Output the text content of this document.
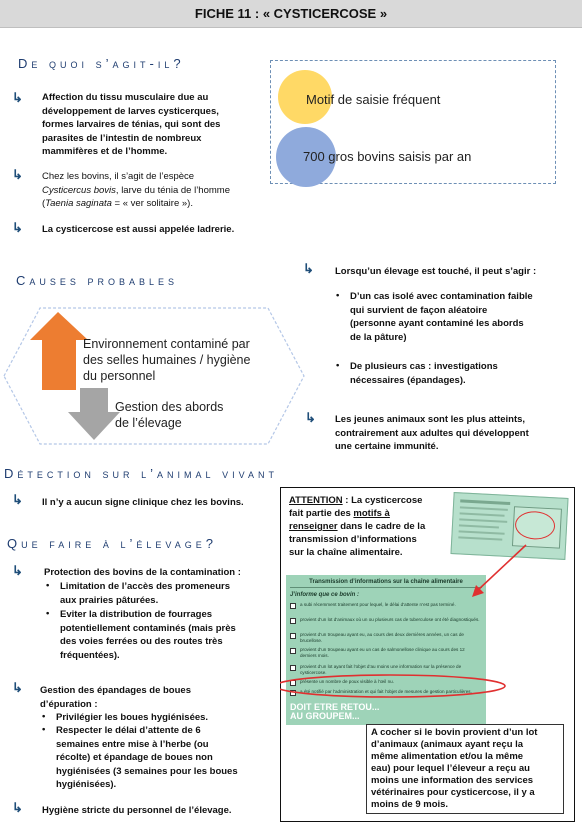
FICHE 11 : « CYSTICERCOSE »
De quoi s’agit-il?
↳ Affection du tissu musculaire due au
développement de larves cysticerques,
formes larvaires de ténias, qui sont des
parasites de l’intestin de nombreux
mammifères et de l’homme.
↳ Chez les bovins, il s’agit de l’espèce
Cysticercus bovis, larve du ténia de l’homme
(Taenia saginata = « ver solitaire »).
↳ La cysticercose est aussi appelée ladrerie.
Motif de saisie fréquent
700 gros bovins saisis par an
Causes probables
Environnement contaminé par
des selles humaines / hygiène
du personnel
Gestion des abords
de l’élevage
↳ Lorsqu’un élevage est touché, il peut s’agir :
• D’un cas isolé avec contamination faible
qui survient de façon aléatoire
(personne ayant contaminé les abords
de la pâture)
• De plusieurs cas : investigations
nécessaires (épandages).
↳ Les jeunes animaux sont les plus atteints,
contrairement aux adultes qui développent
une certaine immunité.
Détection sur l’animal vivant
↳ Il n’y a aucun signe clinique chez les bovins.
Que faire à l’élevage?
↳ Protection des bovins de la contamination :
• Limitation de l’accès des promeneurs
aux prairies pâturées.
• Eviter la distribution de fourrages
potentiellement contaminés (mais près
des voies ferrées ou des routes très
fréquentées).
↳ Gestion des épandages de boues
d’épuration :
• Privilégier les boues hygiénisées.
• Respecter le délai d’attente de 6
semaines entre mise à l’herbe (ou
récolte) et épandage de boues non
hygiénisées (3 semaines pour les boues
hygiénisées).
↳ Hygiène stricte du personnel de l’élevage.
ATTENTION : La cysticercose
fait partie des motifs à
renseigner dans le cadre de la
transmission d’informations
sur la chaîne alimentaire.
Transmission d’informations sur la chaîne alimentaire
J’informe que ce bovin :
a subi récemment traitement pour lequel, le délai d’attente n’est pas terminé.
provient d’un lot d’animaux où un ou plusieurs cas de tuberculose ont été diagnostiqués.
provient d’un troupeau ayant eu, au cours des deux dernières années, un cas de brucellose.
provient d’un troupeau ayant eu un cas de salmonellose clinique au cours des 12 derniers mois.
provient d’un lot ayant fait l’objet d’au moins une information sur la présence de cysticercose.
présente un nombre de poux visible à l’œil nu.
a été notifié par l’administration et qui fait l’objet de mesures de gestion particulières.
DOIT ETRE RETOU...
AU GROUPEM...
A cocher si le bovin provient d’un lot
d’animaux (animaux ayant reçu la
même alimentation et/ou la même
eau) pour lequel l’éleveur a reçu au
moins une information des services
vétérinaires pour cysticercose, il y a
moins de 9 mois.
